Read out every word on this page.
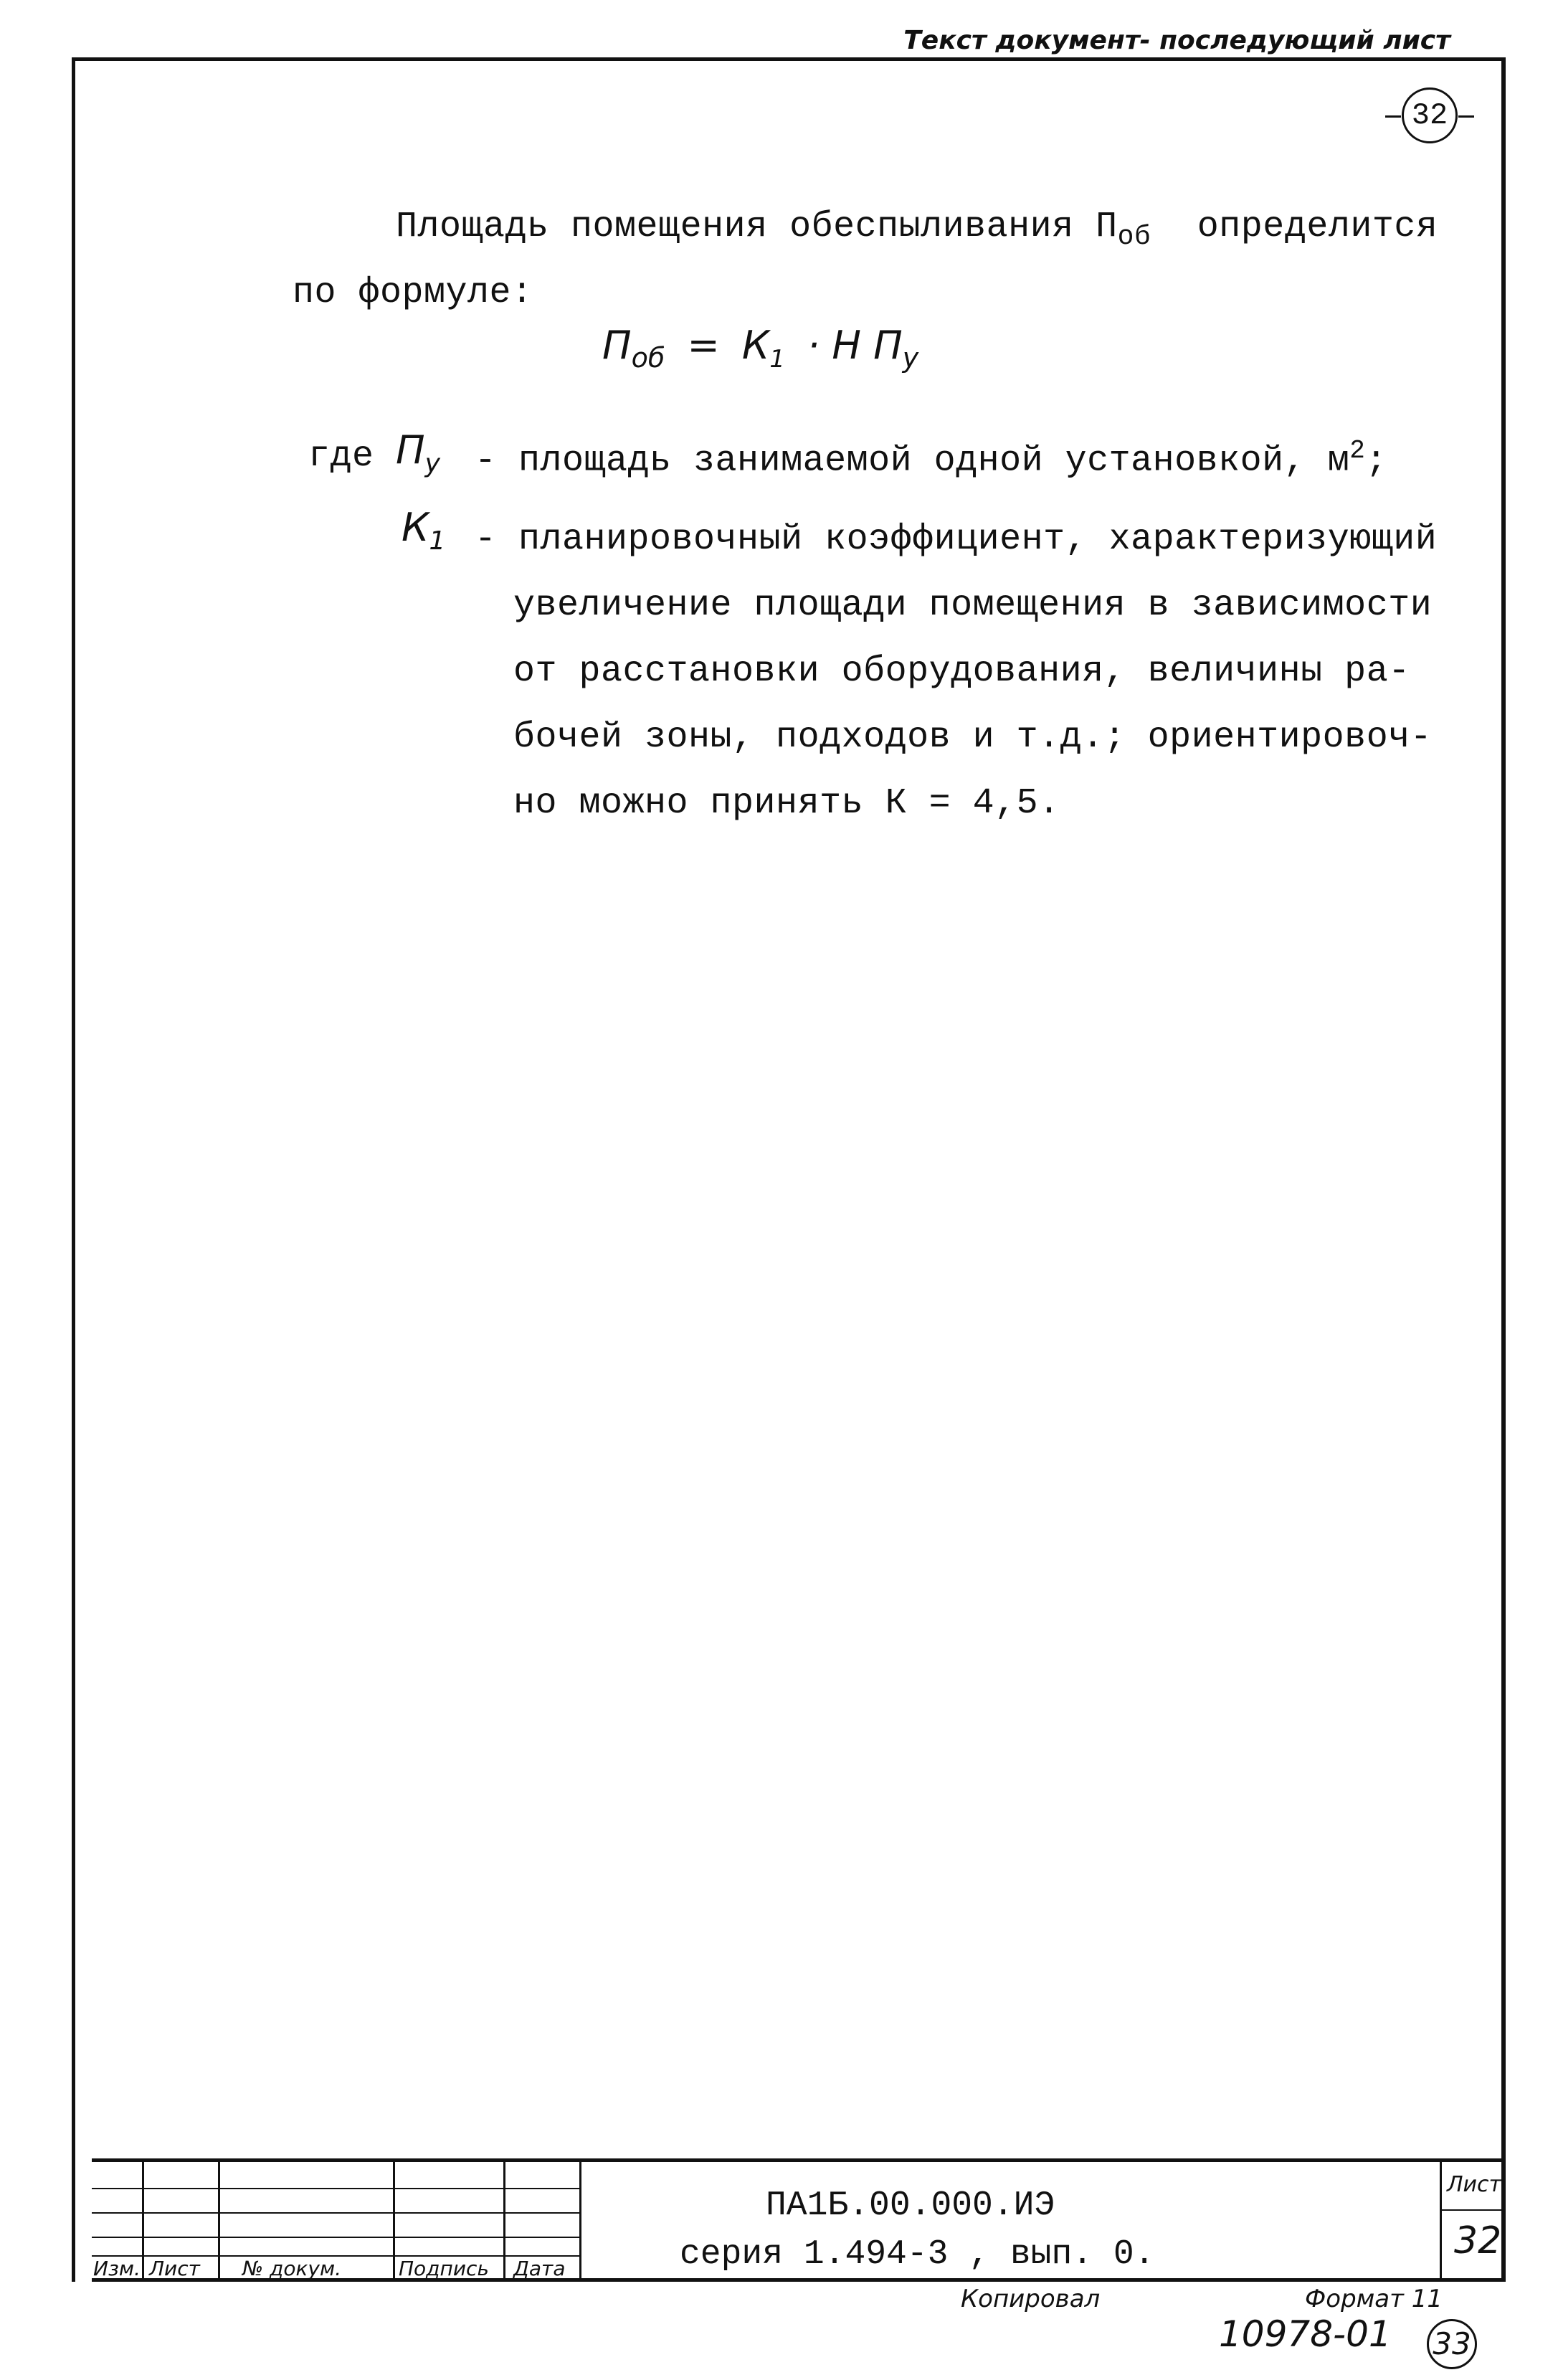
Текст документ- последующий лист
32
Площадь помещения обеспыливания $П_{об}$ определится
по формуле:
$П_{об} = К_1 \cdot Н$ $П_у$
где $П_у$ - площадь занимаемой одной установкой, $м^2$;
$К_1$ - планировочный коэффициент, характеризующий
увеличение площади помещения в зависимости
от расстановки оборудования, величины ра-
бочей зоны, подходов и т.д.; ориентировоч-
но можно принять К = 4,5.
Изм. Лист № докум.	Подпись Дата
ПА1Б.00.000.ИЭ
серия 1.494-3 , вып. 0.
Лист
32
Копировал	Формат 11
10978-01 33
